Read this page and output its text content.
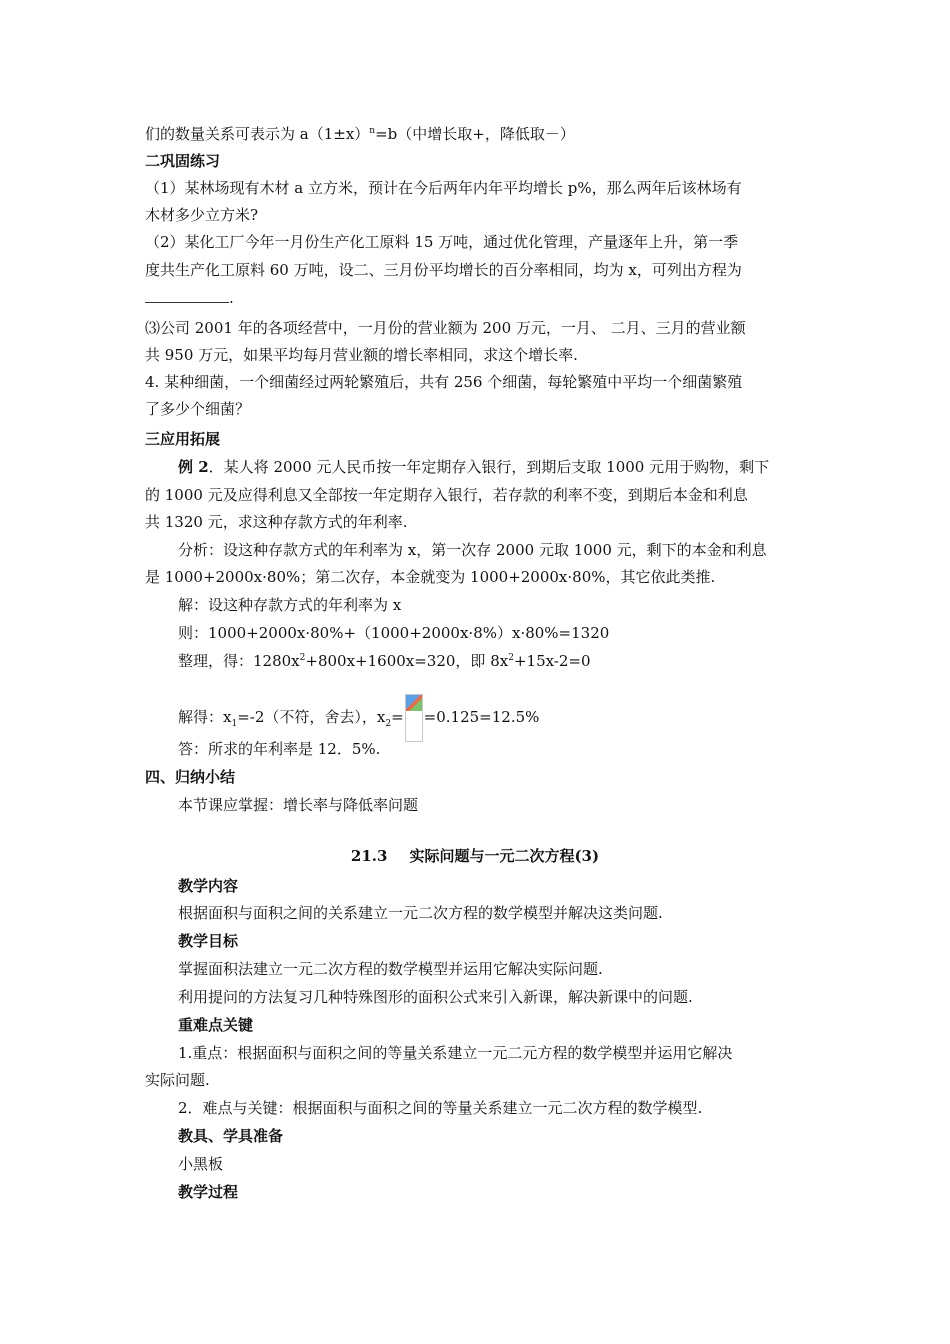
们的数量关系可表示为 $a(1\pm x)^n=b$（中增长取+，降低取－）
二巩固练习
（1）某林场现有木材 a 立方米，预计在今后两年内年平均增长 p%，那么两年后该林场有
木材多少立方米?
（2）某化工厂今年一月份生产化工原料 15 万吨，通过优化管理，产量逐年上升，第一季
度共生产化工原料 60 万吨，设二、三月份平均增长的百分率相同，均为 x，可列出方程为
.
⑶公司 2001 年的各项经营中，一月份的营业额为 200 万元，一月、 二月、三月的营业额
共 950 万元，如果平均每月营业额的增长率相同，求这个增长率.
4. 某种细菌，一个细菌经过两轮繁殖后，共有 256 个细菌，每轮繁殖中平均一个细菌繁殖
了多少个细菌？
三应用拓展
例 2．某人将 2000 元人民币按一年定期存入银行，到期后支取 1000 元用于购物，剩下
的 1000 元及应得利息又全部按一年定期存入银行，若存款的利率不变，到期后本金和利息
共 1320 元，求这种存款方式的年利率.
分析：设这种存款方式的年利率为 x，第一次存 2000 元取 1000 元，剩下的本金和利息
是 1000+2000x·80%；第二次存，本金就变为 1000+2000x·80%，其它依此类推.
解：设这种存款方式的年利率为 x
则：1000+2000x·80%+（1000+2000x·8%）x·80%=1320
整理，得：$1280x^2+800x+1600x=320$，即 $8x^2+15x-2=0$
解得：$x_1=-2$（不符，舍去），$x_2= =0.125=12.5\%$
答：所求的年利率是 12．5%.
四、归纳小结
本节课应掌握：增长率与降低率问题
21.3 实际问题与一元二次方程(3)
教学内容
根据面积与面积之间的关系建立一元二次方程的数学模型并解决这类问题.
教学目标
掌握面积法建立一元二次方程的数学模型并运用它解决实际问题.
利用提问的方法复习几种特殊图形的面积公式来引入新课，解决新课中的问题.
重难点关键
1.重点：根据面积与面积之间的等量关系建立一元二元方程的数学模型并运用它解决
实际问题.
2．难点与关键：根据面积与面积之间的等量关系建立一元二次方程的数学模型.
教具、学具准备
小黑板
教学过程
